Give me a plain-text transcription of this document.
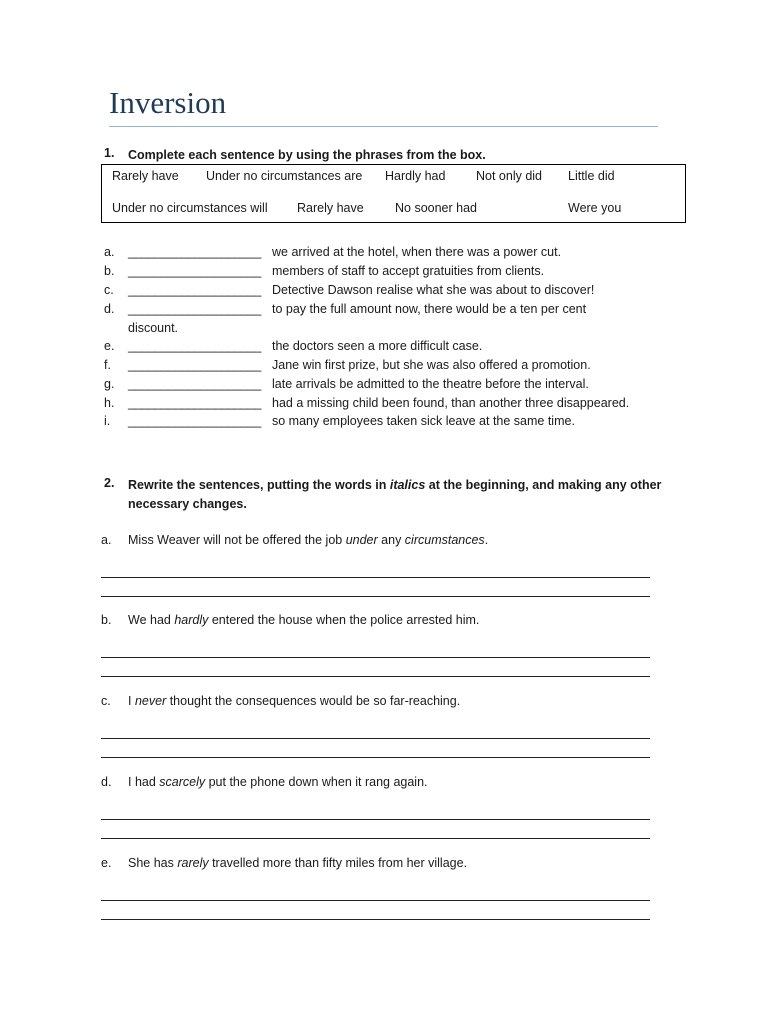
Inversion
1. Complete each sentence by using the phrases from the box.
Rarely have Under no circumstances are Hardly had Not only did Little did
Under no circumstances will Rarely have	No sooner had	Were you
a. ____________________ we arrived at the hotel, when there was a power cut.
b. ____________________ members of staff to accept gratuities from clients.
c. ____________________ Detective Dawson realise what she was about to discover!
d. ____________________ to pay the full amount now, there would be a ten per cent
discount.
e. ____________________ the doctors seen a more difficult case.
f. ____________________ Jane win first prize, but she was also offered a promotion.
g. ____________________ late arrivals be admitted to the theatre before the interval.
h. ____________________ had a missing child been found, than another three disappeared.
i. ____________________ so many employees taken sick leave at the same time.
2. Rewrite the sentences, putting the words in italics at the beginning, and making any other necessary changes.
a. Miss Weaver will not be offered the job under any circumstances.
b. We had hardly entered the house when the police arrested him.
c. I never thought the consequences would be so far-reaching.
d. I had scarcely put the phone down when it rang again.
e. She has rarely travelled more than fifty miles from her village.
